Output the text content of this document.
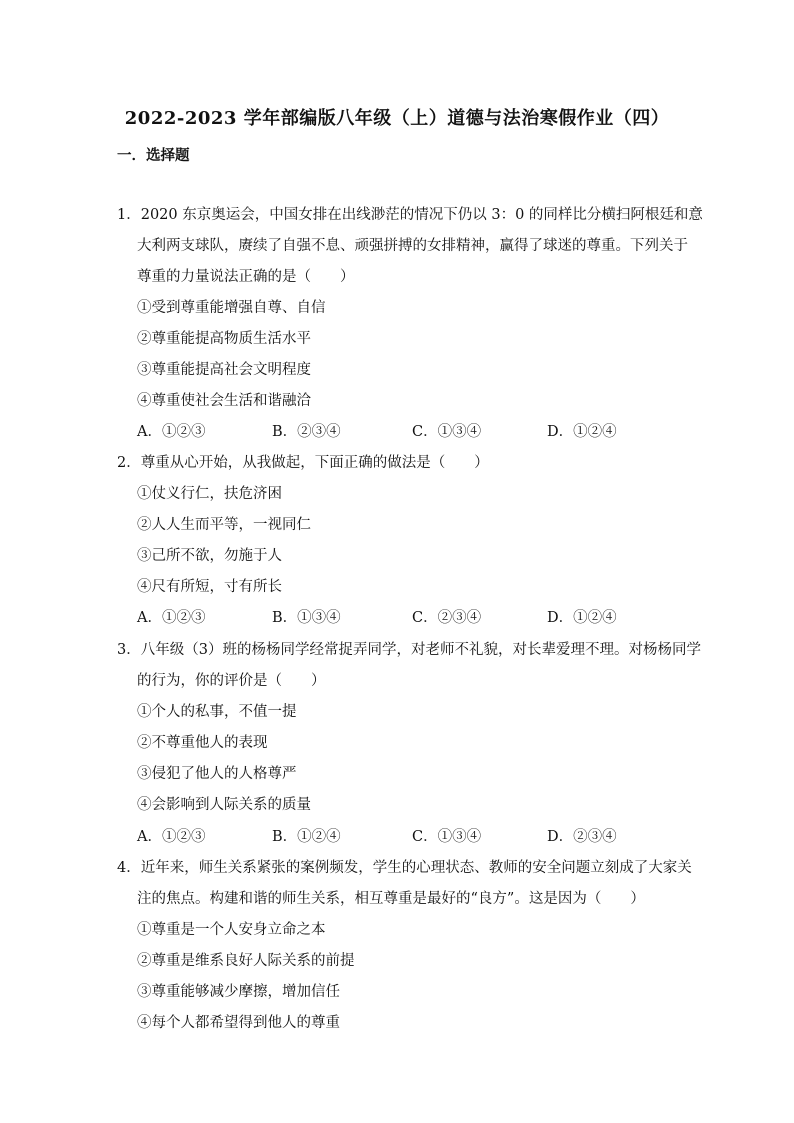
2022-2023 学年部编版八年级（上）道德与法治寒假作业（四）
一．选择题
1．2020 东京奥运会，中国女排在出线渺茫的情况下仍以 3：0 的同样比分横扫阿根廷和意
大利两支球队，赓续了自强不息、顽强拼搏的女排精神，赢得了球迷的尊重。下列关于
尊重的力量说法正确的是（　　）
①受到尊重能增强自尊、自信
②尊重能提高物质生活水平
③尊重能提高社会文明程度
④尊重使社会生活和谐融洽
A．①②③	B．②③④	C．①③④	D．①②④
2．尊重从心开始，从我做起，下面正确的做法是（　　）
①仗义行仁，扶危济困
②人人生而平等，一视同仁
③己所不欲，勿施于人
④尺有所短，寸有所长
A．①②③	B．①③④	C．②③④	D．①②④
3．八年级（3）班的杨杨同学经常捉弄同学，对老师不礼貌，对长辈爱理不理。对杨杨同学
的行为，你的评价是（　　）
①个人的私事，不值一提
②不尊重他人的表现
③侵犯了他人的人格尊严
④会影响到人际关系的质量
A．①②③	B．①②④	C．①③④	D．②③④
4．近年来，师生关系紧张的案例频发，学生的心理状态、教师的安全问题立刻成了大家关
注的焦点。构建和谐的师生关系，相互尊重是最好的“良方”。这是因为（　　）
①尊重是一个人安身立命之本
②尊重是维系良好人际关系的前提
③尊重能够减少摩擦，增加信任
④每个人都希望得到他人的尊重
